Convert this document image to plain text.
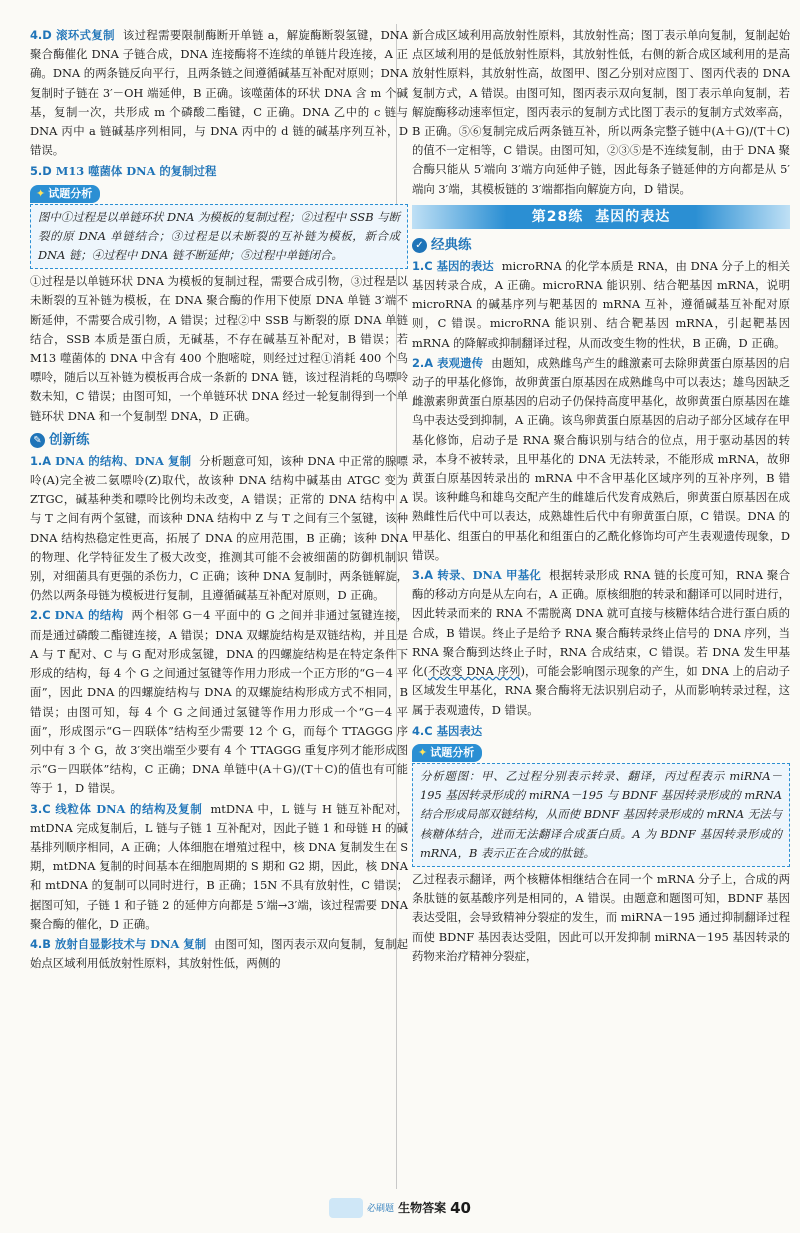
4.D 滚环式复制 该过程需要限制酶断开单链 a，解旋酶断裂氢键，DNA 聚合酶催化 DNA 子链合成，DNA 连接酶将不连续的单链片段连接，A 正确。DNA 的两条链反向平行，且两条链之间遵循碱基互补配对原则；DNA 复制时子链在 3′－OH 端延伸，B 正确。该噬菌体的环状 DNA 含 m 个碱基，复制一次，共形成 m 个磷酸二酯键，C 正确。DNA 乙中的 c 链与 DNA 丙中 a 链碱基序列相同，与 DNA 丙中的 d 链的碱基序列互补，D 错误。

5.D M13 噬菌体 DNA 的复制过程

✦ 试题分析
图中①过程是以单链环状 DNA 为模板的复制过程；②过程中 SSB 与断裂的原 DNA 单链结合；③过程是以未断裂的互补链为模板，新合成 DNA 链；④过程中 DNA 链不断延伸；⑤过程中单链闭合。

①过程是以单链环状 DNA 为模板的复制过程，需要合成引物，③过程是以未断裂的互补链为模板，在 DNA 聚合酶的作用下使原 DNA 单链 3′端不断延伸，不需要合成引物，A 错误；过程②中 SSB 与断裂的原 DNA 单链结合，SSB 本质是蛋白质，无碱基，不存在碱基互补配对，B 错误；若 M13 噬菌体的 DNA 中含有 400 个胞嘧啶，则经过过程①消耗 400 个鸟嘌呤，随后以互补链为模板再合成一条新的 DNA 链，该过程消耗的鸟嘌呤数未知，C 错误；由图可知，一个单链环状 DNA 经过一轮复制得到一个单链环状 DNA 和一个复制型 DNA，D 正确。

✎ 创新练

1.A DNA 的结构、DNA 复制 分析题意可知，该种 DNA 中正常的腺嘌呤(A)完全被二氨嘌呤(Z)取代，故该种 DNA 结构中碱基由 ATGC 变为 ZTGC，碱基种类和嘌呤比例均未改变，A 错误；正常的 DNA 结构中 A 与 T 之间有两个氢键，而该种 DNA 结构中 Z 与 T 之间有三个氢键，该种 DNA 结构热稳定性更高，拓展了 DNA 的应用范围，B 正确；该种 DNA 的物理、化学特征发生了极大改变，推测其可能不会被细菌的防御机制识别，对细菌具有更强的杀伤力，C 正确；该种 DNA 复制时，两条链解旋，仍然以两条母链为模板进行复制，且遵循碱基互补配对原则，D 正确。

2.C DNA 的结构 两个相邻 G－4 平面中的 G 之间并非通过氢键连接，而是通过磷酸二酯键连接，A 错误；DNA 双螺旋结构是双链结构，并且是 A 与 T 配对、C 与 G 配对形成氢键，DNA 的四螺旋结构是在特定条件下形成的结构，每 4 个 G 之间通过氢键等作用力形成一个正方形的“G－4 平面”，因此 DNA 的四螺旋结构与 DNA 的双螺旋结构形成方式不相同，B 错误；由图可知，每 4 个 G 之间通过氢键等作用力形成一个“G－4 平面”，形成图示“G－四联体”结构至少需要 12 个 G，而每个 TTAGGG 序列中有 3 个 G，故 3′突出端至少要有 4 个 TTAGGG 重复序列才能形成图示“G－四联体”结构，C 正确；DNA 单链中(A＋G)/(T＋C)的值也有可能等于 1，D 错误。

3.C 线粒体 DNA 的结构及复制 mtDNA 中，L 链与 H 链互补配对，mtDNA 完成复制后，L 链与子链 1 互补配对，因此子链 1 和母链 H 的碱基排列顺序相同，A 正确；人体细胞在增殖过程中，核 DNA 复制发生在 S 期，mtDNA 复制的时间基本在细胞周期的 S 期和 G2 期，因此，核 DNA 和 mtDNA 的复制可以同时进行，B 正确；15N 不具有放射性，C 错误；据图可知，子链 1 和子链 2 的延伸方向都是 5′端→3′端，该过程需要 DNA 聚合酶的催化，D 正确。

4.B 放射自显影技术与 DNA 复制 由图可知，图丙表示双向复制，复制起始点区域利用低放射性原料，其放射性低，两侧的

新合成区域利用高放射性原料，其放射性高；图丁表示单向复制，复制起始点区域利用的是低放射性原料，其放射性低，右侧的新合成区域利用的是高放射性原料，其放射性高，故图甲、图乙分别对应图丁、图丙代表的 DNA 复制方式，A 错误。由图可知，图丙表示双向复制，图丁表示单向复制，若解旋酶移动速率恒定，图丙表示的复制方式比图丁表示的复制方式效率高，B 正确。⑤⑥复制完成后两条链互补，所以两条完整子链中(A＋G)/(T＋C)的值不一定相等，C 错误。由图可知，②③⑤是不连续复制，由于 DNA 聚合酶只能从 5′端向 3′端方向延伸子链，因此每条子链延伸的方向都是从 5′端向 3′端，其模板链的 3′端都指向解旋方向，D 错误。

第28练 基因的表达
✓ 经典练

1.C 基因的表达 microRNA 的化学本质是 RNA，由 DNA 分子上的相关基因转录合成，A 正确。microRNA 能识别、结合靶基因 mRNA，说明 microRNA 的碱基序列与靶基因的 mRNA 互补，遵循碱基互补配对原则，C 错误。microRNA 能识别、结合靶基因 mRNA，引起靶基因 mRNA 的降解或抑制翻译过程，从而改变生物的性状，B 正确，D 正确。

2.A 表观遗传 由题知，成熟雌鸟产生的雌激素可去除卵黄蛋白原基因的启动子的甲基化修饰，故卵黄蛋白原基因在成熟雌鸟中可以表达；雄鸟因缺乏雌激素卵黄蛋白原基因的启动子仍保持高度甲基化，故卵黄蛋白原基因在雄鸟中表达受到抑制，A 正确。该鸟卵黄蛋白原基因的启动子部分区域存在甲基化修饰，启动子是 RNA 聚合酶识别与结合的位点，用于驱动基因的转录，本身不被转录，且甲基化的 DNA 无法转录，不能形成 mRNA，故卵黄蛋白原基因转录出的 mRNA 中不含甲基化区域序列的互补序列，B 错误。该种雌鸟和雄鸟交配产生的雌雄后代发育成熟后，卵黄蛋白原基因在成熟雌性后代中可以表达，成熟雄性后代中有卵黄蛋白原，C 错误。DNA 的甲基化、组蛋白的甲基化和组蛋白的乙酰化修饰均可产生表观遗传现象，D 错误。

3.A 转录、DNA 甲基化 根据转录形成 RNA 链的长度可知，RNA 聚合酶的移动方向是从左向右，A 正确。原核细胞的转录和翻译可以同时进行，因此转录而来的 RNA 不需脱离 DNA 就可直接与核糖体结合进行蛋白质的合成，B 错误。终止子是给予 RNA 聚合酶转录终止信号的 DNA 序列，当 RNA 聚合酶到达终止子时，RNA 合成结束，C 错误。若 DNA 发生甲基化(不改变 DNA 序列)，可能会影响图示现象的产生，如 DNA 上的启动子区域发生甲基化，RNA 聚合酶将无法识别启动子，从而影响转录过程，这属于表观遗传，D 错误。

4.C 基因表达

✦ 试题分析
分析题图：甲、乙过程分别表示转录、翻译，丙过程表示 miRNA－195 基因转录形成的 miRNA－195 与 BDNF 基因转录形成的 mRNA 结合形成局部双链结构，从而使 BDNF 基因转录形成的 mRNA 无法与核糖体结合，进而无法翻译合成蛋白质。A 为 BDNF 基因转录形成的 mRNA，B 表示正在合成的肽链。

乙过程表示翻译，两个核糖体相继结合在同一个 mRNA 分子上，合成的两条肽链的氨基酸序列是相同的，A 错误。由题意和题图可知，BDNF 基因表达受阻，会导致精神分裂症的发生，而 miRNA－195 通过抑制翻译过程而使 BDNF 基因表达受阻，因此可以开发抑制 miRNA－195 基因转录的药物来治疗精神分裂症，

必刷题 生物答案 40
